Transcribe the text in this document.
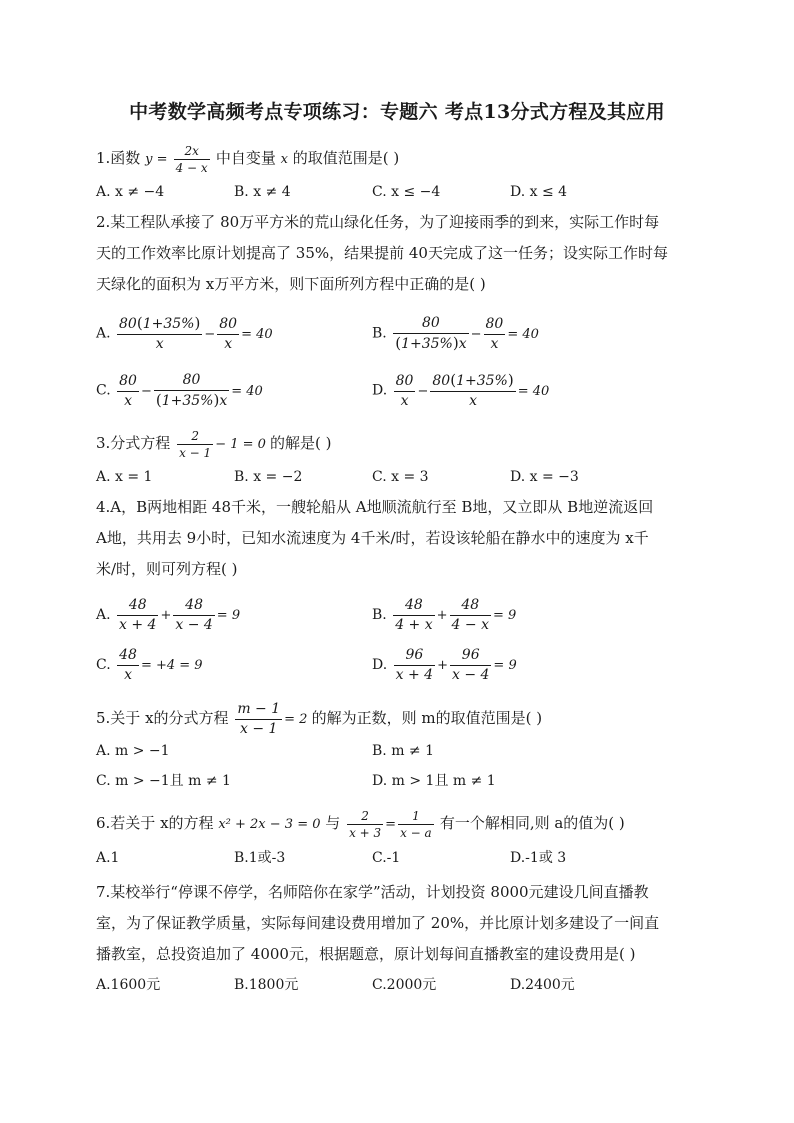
中考数学高频考点专项练习：专题六 考点13分式方程及其应用
1.函数 $y = \frac{2x}{4 - x}$ 中自变量 x 的取值范围是( )
A. x ≠ −4	B. x ≠ 4	C. x ≤ −4	D. x ≤ 4
2.某工程队承接了 80万平方米的荒山绿化任务，为了迎接雨季的到来，实际工作时每
天的工作效率比原计划提高了 35%，结果提前 40天完成了这一任务；设实际工作时每
天绿化的面积为 x万平方米，则下面所列方程中正确的是( )
A. $\frac{80(1+35\%)}{x} - \frac{80}{x} = 40$	B. $\frac{80}{(1+35\%)x} - \frac{80}{x} = 40$
C. $\frac{80}{x} - \frac{80}{(1+35\%)x} = 40$	D. $\frac{80}{x} - \frac{80(1+35\%)}{x} = 40$
3.分式方程 $\frac{2}{x - 1} - 1 = 0$ 的解是( )
A. x = 1	B. x = −2	C. x = 3	D. x = −3
4.A，B两地相距 48千米，一艘轮船从 A地顺流航行至 B地，又立即从 B地逆流返回
A地，共用去 9小时，已知水流速度为 4千米/时，若设该轮船在静水中的速度为 x千
米/时，则可列方程( )
A. $\frac{48}{x + 4} + \frac{48}{x - 4} = 9$	B. $\frac{48}{4 + x} + \frac{48}{4 - x} = 9$
C. $\frac{48}{x} = +4 = 9$	D. $\frac{96}{x + 4} + \frac{96}{x - 4} = 9$
5.关于 x的分式方程 $\frac{m - 1}{x - 1} = 2$ 的解为正数，则 m的取值范围是( )
A. m > −1	B. m ≠ 1
C. m > −1且 m ≠ 1	D. m > 1且 m ≠ 1
6.若关于 x的方程 x² + 2x − 3 = 0 与 $\frac{2}{x + 3} = \frac{1}{x - a}$ 有一个解相同,则 a的值为( )
A.1	B.1或-3	C.-1	D.-1或 3
7.某校举行“停课不停学，名师陪你在家学”活动，计划投资 8000元建设几间直播教
室，为了保证教学质量，实际每间建设费用增加了 20%，并比原计划多建设了一间直
播教室，总投资追加了 4000元，根据题意，原计划每间直播教室的建设费用是( )
A.1600元	B.1800元	C.2000元	D.2400元
